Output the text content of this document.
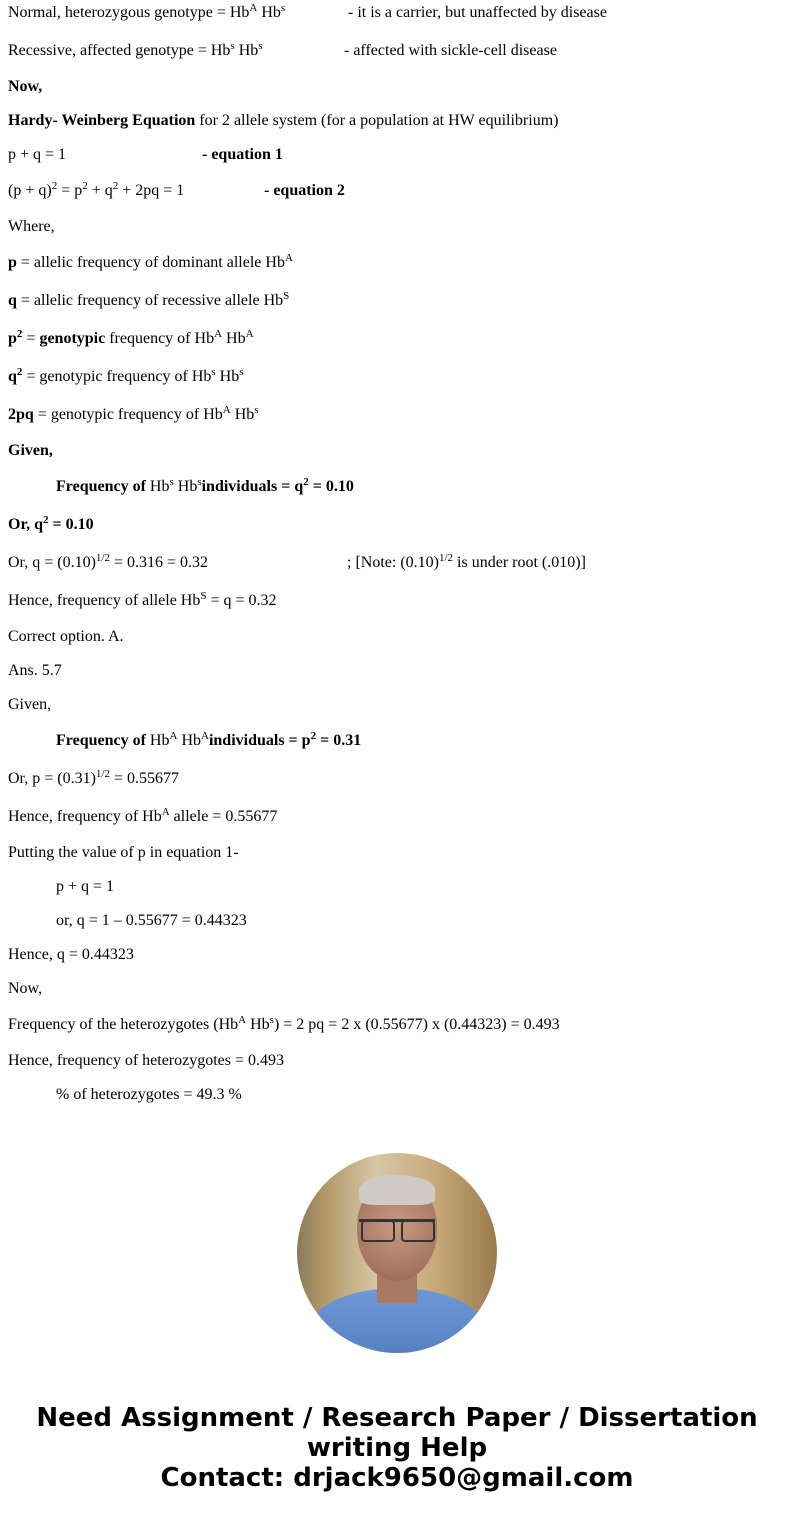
Normal, heterozygous genotype = $Hb^A$ Hb$^s$	- it is a carrier, but unaffected by disease
Recessive, affected genotype = $Hb^s$ Hb$^s$	- affected with sickle-cell disease
Now,
Hardy- Weinberg Equation for 2 allele system (for a population at HW equilibrium)
p + q = 1	- equation 1
$(p + q)^2 = p^2 + q^2 + 2pq = 1$	- equation 2
Where,
p = allelic frequency of dominant allele $Hb^A$
q = allelic frequency of recessive allele $Hb^S$
$p^2$ = genotypic frequency of $Hb^A$ $Hb^A$
$q^2$ = genotypic frequency of Hb$^s$ Hb$^s$
2pq = genotypic frequency of $Hb^A$ Hb$^s$
Given,
Frequency of Hb$^s$ $Hb^sindividuals = q^2 = 0.10$
Or, $q^2 = 0.10$
Or, $q = (0.10)^{1/2} = 0.316 = 0.32$	; [Note: $(0.10)^{1/2}$ is under root (.010)]
Hence, frequency of allele $Hb^S = q = 0.32$
Correct option. A.
Ans. 5.7
Given,
Frequency of $Hb^A$ $Hb^Aindividuals = p^2 = 0.31$
Or, $p = (0.31)^{1/2} = 0.55677$
Hence, frequency of $Hb^A$ allele = 0.55677
Putting the value of p in equation 1-
p + q = 1
or, q = 1 – 0.55677 = 0.44323
Hence, q = 0.44323
Now,
Frequency of the heterozygotes ($Hb^A$ $Hb^s) = 2$ pq = 2 x (0.55677) x (0.44323) = 0.493
Hence, frequency of heterozygotes = 0.493
% of heterozygotes = 49.3 %
Need Assignment / Research Paper / Dissertation
writing Help
Contact: drjack9650@gmail.com
